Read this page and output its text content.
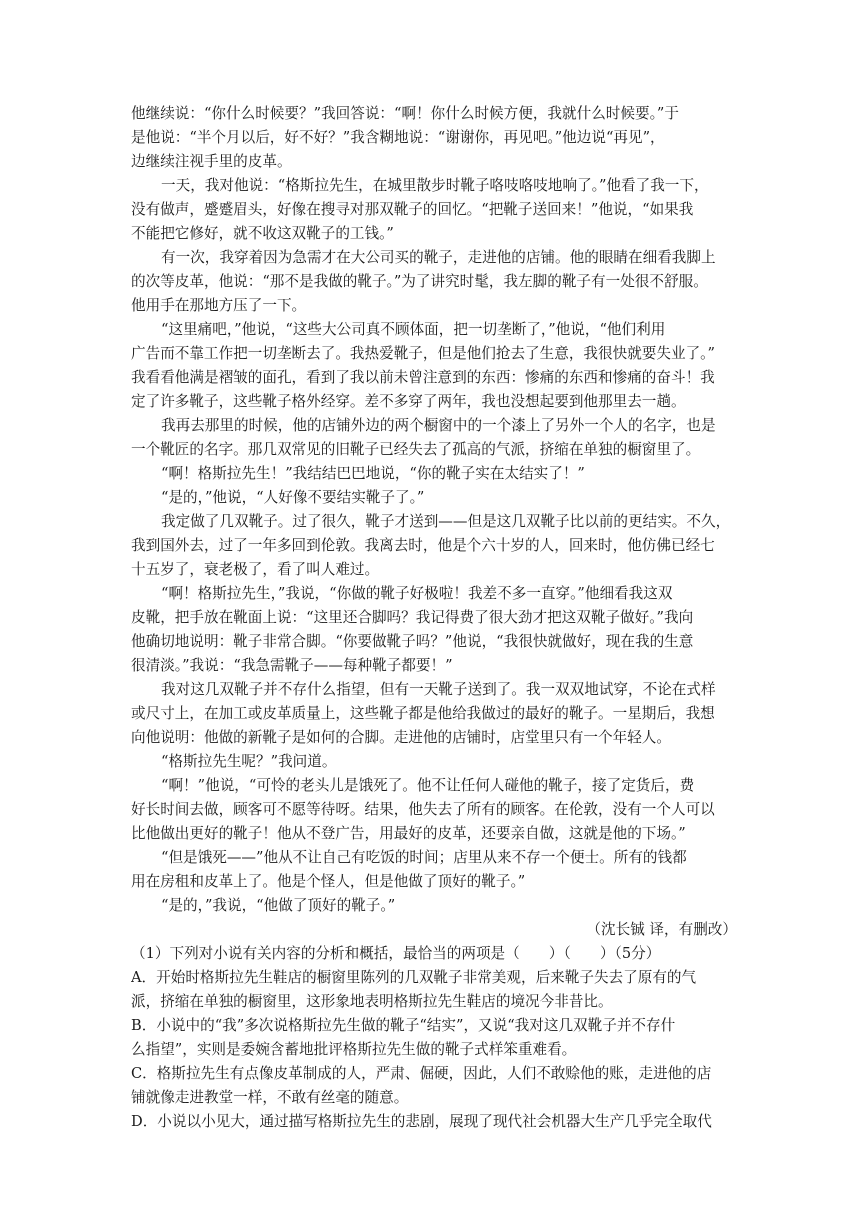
他继续说：“你什么时候要？”我回答说：“啊！你什么时候方便，我就什么时候要。”于
是他说：“半个月以后，好不好？”我含糊地说：“谢谢你，再见吧。”他边说“再见”，
边继续注视手里的皮革。
一天，我对他说：“格斯拉先生，在城里散步时靴子咯吱咯吱地响了。”他看了我一下，
没有做声，蹙蹙眉头，好像在搜寻对那双靴子的回忆。“把靴子送回来！”他说，“如果我
不能把它修好，就不收这双靴子的工钱。”
有一次，我穿着因为急需才在大公司买的靴子，走进他的店铺。他的眼睛在细看我脚上
的次等皮革，他说：“那不是我做的靴子。”为了讲究时髦，我左脚的靴子有一处很不舒服。
他用手在那地方压了一下。
“这里痛吧，”他说，“这些大公司真不顾体面，把一切垄断了，”他说，“他们利用
广告而不靠工作把一切垄断去了。我热爱靴子，但是他们抢去了生意，我很快就要失业了。”
我看看他满是褶皱的面孔，看到了我以前未曾注意到的东西：惨痛的东西和惨痛的奋斗！我
定了许多靴子，这些靴子格外经穿。差不多穿了两年，我也没想起要到他那里去一趟。
我再去那里的时候，他的店铺外边的两个橱窗中的一个漆上了另外一个人的名字，也是
一个靴匠的名字。那几双常见的旧靴子已经失去了孤高的气派，挤缩在单独的橱窗里了。
“啊！格斯拉先生！”我结结巴巴地说，“你的靴子实在太结实了！”
“是的，”他说，“人好像不要结实靴子了。”
我定做了几双靴子。过了很久，靴子才送到——但是这几双靴子比以前的更结实。不久，
我到国外去，过了一年多回到伦敦。我离去时，他是个六十岁的人，回来时，他仿佛已经七
十五岁了，衰老极了，看了叫人难过。
“啊！格斯拉先生，”我说，“你做的靴子好极啦！我差不多一直穿。”他细看我这双
皮靴，把手放在靴面上说：“这里还合脚吗？我记得费了很大劲才把这双靴子做好。”我向
他确切地说明：靴子非常合脚。“你要做靴子吗？”他说，“我很快就做好，现在我的生意
很清淡。”我说：“我急需靴子——每种靴子都要！”
我对这几双靴子并不存什么指望，但有一天靴子送到了。我一双双地试穿，不论在式样
或尺寸上，在加工或皮革质量上，这些靴子都是他给我做过的最好的靴子。一星期后，我想
向他说明：他做的新靴子是如何的合脚。走进他的店铺时，店堂里只有一个年轻人。
“格斯拉先生呢？”我问道。
“啊！”他说，“可怜的老头儿是饿死了。他不让任何人碰他的靴子，接了定货后，费
好长时间去做，顾客可不愿等待呀。结果，他失去了所有的顾客。在伦敦，没有一个人可以
比他做出更好的靴子！他从不登广告，用最好的皮革，还要亲自做，这就是他的下场。”
“但是饿死——”他从不让自己有吃饭的时间；店里从来不存一个便士。所有的钱都
用在房租和皮革上了。他是个怪人，但是他做了顶好的靴子。”
“是的，”我说，“他做了顶好的靴子。”
（沈长铖 译，有删改）
（1）下列对小说有关内容的分析和概括，最恰当的两项是（　　）（　　）（5分）
A．开始时格斯拉先生鞋店的橱窗里陈列的几双靴子非常美观，后来靴子失去了原有的气
派，挤缩在单独的橱窗里，这形象地表明格斯拉先生鞋店的境况今非昔比。
B．小说中的“我”多次说格斯拉先生做的靴子“结实”，又说“我对这几双靴子并不存什
么指望”，实则是委婉含蓄地批评格斯拉先生做的靴子式样笨重难看。
C．格斯拉先生有点像皮革制成的人，严肃、倔硬，因此，人们不敢赊他的账，走进他的店
铺就像走进教堂一样，不敢有丝毫的随意。
D．小说以小见大，通过描写格斯拉先生的悲剧，展现了现代社会机器大生产几乎完全取代
